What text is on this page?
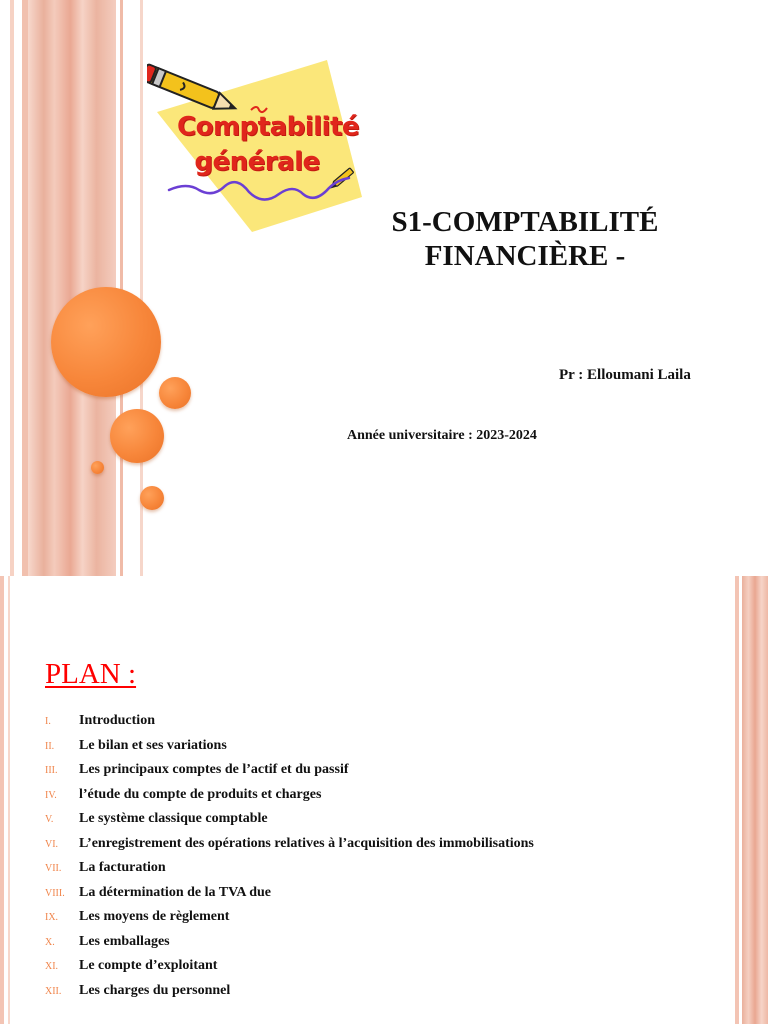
Comptabilité
générale
S1-COMPTABILITÉ
FINANCIÈRE -
Pr : Elloumani Laila
Année universitaire : 2023-2024
PLAN :
I.	Introduction
II.	Le bilan et ses variations
III.	Les principaux comptes de l’actif et du passif
IV.	l’étude du compte de produits et charges
V.	Le système classique comptable
VI.	L’enregistrement des opérations relatives à l’acquisition des immobilisations
VII.	La facturation
VIII.	La détermination de la TVA due
IX.	Les moyens de règlement
X.	Les emballages
XI.	Le compte d’exploitant
XII.	Les charges du personnel
